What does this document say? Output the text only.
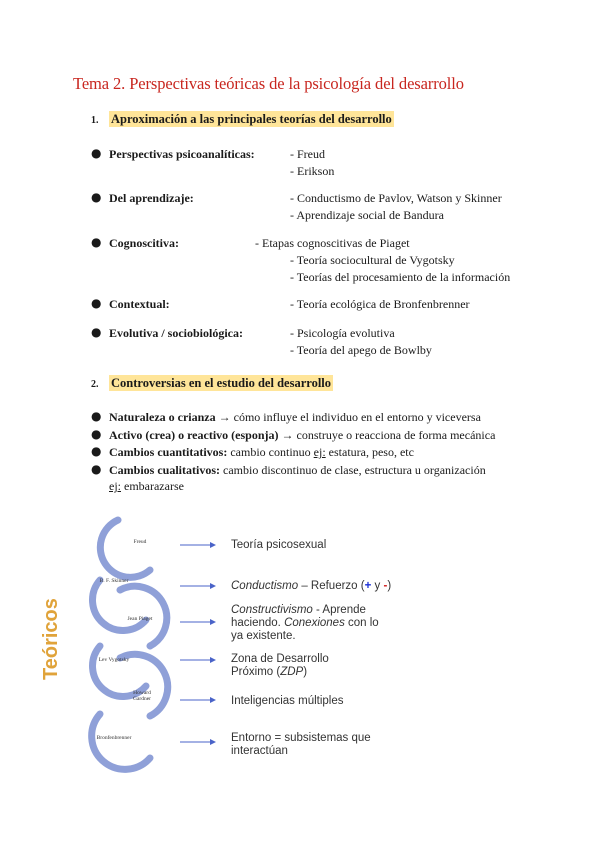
Tema 2. Perspectivas teóricas de la psicología del desarrollo
1. Aproximación a las principales teorías del desarrollo
● Perspectivas psicoanalíticas:	- Freud
- Erikson
● Del aprendizaje:	- Conductismo de Pavlov, Watson y Skinner
- Aprendizaje social de Bandura
● Cognoscitiva:	- Etapas cognoscitivas de Piaget
- Teoría sociocultural de Vygotsky
- Teorías del procesamiento de la información
● Contextual:	- Teoría ecológica de Bronfenbrenner
● Evolutiva / sociobiológica:	- Psicología evolutiva
- Teoría del apego de Bowlby
2. Controversias en el estudio del desarrollo
● Naturaleza o crianza → cómo influye el individuo en el entorno y viceversa
● Activo (crea) o reactivo (esponja) → construye o reacciona de forma mecánica
● Cambios cuantitativos: cambio continuo ej: estatura, peso, etc
● Cambios cualitativos: cambio discontinuo de clase, estructura u organización
ej: embarazarse
Teóricos
Freud
B. F. Skinner
Jean Piaget
Lev Vygotsky
Howard Gardner
Bronfenbrenner
Teoría psicosexual
Conductismo – Refuerzo (+ y -)
Constructivismo - Aprende
haciendo. Conexiones con lo
ya existente.
Zona de Desarrollo
Próximo (ZDP)
Inteligencias múltiples
Entorno = subsistemas que
interactúan
